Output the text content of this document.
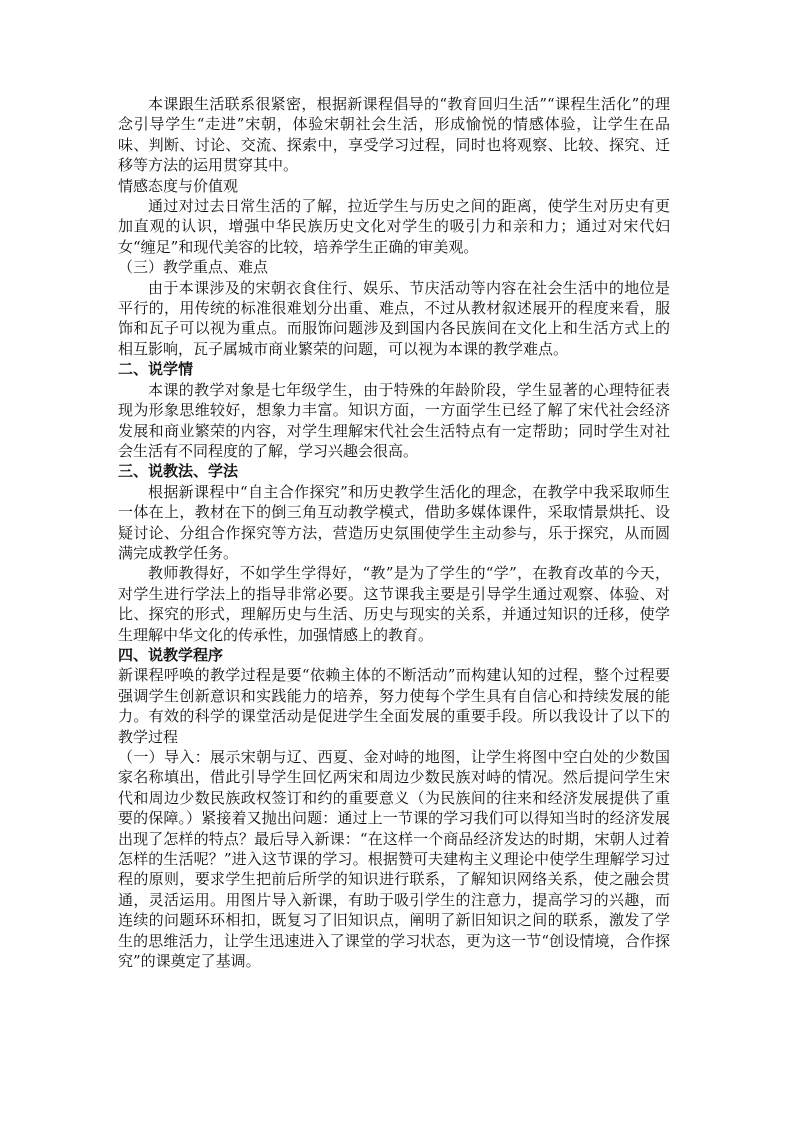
本课跟生活联系很紧密，根据新课程倡导的“教育回归生活”“课程生活化”的理念引导学生“走进”宋朝，体验宋朝社会生活，形成愉悦的情感体验，让学生在品味、判断、讨论、交流、探索中，享受学习过程，同时也将观察、比较、探究、迁移等方法的运用贯穿其中。

情感态度与价值观

通过对过去日常生活的了解，拉近学生与历史之间的距离，使学生对历史有更加直观的认识，增强中华民族历史文化对学生的吸引力和亲和力；通过对宋代妇女“缠足”和现代美容的比较，培养学生正确的审美观。

（三）教学重点、难点

由于本课涉及的宋朝衣食住行、娱乐、节庆活动等内容在社会生活中的地位是平行的，用传统的标准很难划分出重、难点，不过从教材叙述展开的程度来看，服饰和瓦子可以视为重点。而服饰问题涉及到国内各民族间在文化上和生活方式上的相互影响，瓦子属城市商业繁荣的问题，可以视为本课的教学难点。

二、说学情

本课的教学对象是七年级学生，由于特殊的年龄阶段，学生显著的心理特征表现为形象思维较好，想象力丰富。知识方面，一方面学生已经了解了宋代社会经济发展和商业繁荣的内容，对学生理解宋代社会生活特点有一定帮助；同时学生对社会生活有不同程度的了解，学习兴趣会很高。

三、说教法、学法

根据新课程中“自主合作探究”和历史教学生活化的理念，在教学中我采取师生一体在上，教材在下的倒三角互动教学模式，借助多媒体课件，采取情景烘托、设疑讨论、分组合作探究等方法，营造历史氛围使学生主动参与，乐于探究，从而圆满完成教学任务。

教师教得好，不如学生学得好，“教”是为了学生的“学”，在教育改革的今天，对学生进行学法上的指导非常必要。这节课我主要是引导学生通过观察、体验、对比、探究的形式，理解历史与生活、历史与现实的关系，并通过知识的迁移，使学生理解中华文化的传承性，加强情感上的教育。

四、说教学程序

新课程呼唤的教学过程是要“依赖主体的不断活动”而构建认知的过程，整个过程要强调学生创新意识和实践能力的培养，努力使每个学生具有自信心和持续发展的能力。有效的科学的课堂活动是促进学生全面发展的重要手段。所以我设计了以下的教学过程

（一）导入：展示宋朝与辽、西夏、金对峙的地图，让学生将图中空白处的少数国家名称填出，借此引导学生回忆两宋和周边少数民族对峙的情况。然后提问学生宋代和周边少数民族政权签订和约的重要意义（为民族间的往来和经济发展提供了重要的保障。）紧接着又抛出问题：通过上一节课的学习我们可以得知当时的经济发展出现了怎样的特点？最后导入新课：“在这样一个商品经济发达的时期，宋朝人过着怎样的生活呢？”进入这节课的学习。根据赞可夫建构主义理论中使学生理解学习过程的原则，要求学生把前后所学的知识进行联系，了解知识网络关系，使之融会贯通，灵活运用。用图片导入新课，有助于吸引学生的注意力，提高学习的兴趣，而连续的问题环环相扣，既复习了旧知识点，阐明了新旧知识之间的联系，激发了学生的思维活力，让学生迅速进入了课堂的学习状态，更为这一节“创设情境，合作探究”的课奠定了基调。
